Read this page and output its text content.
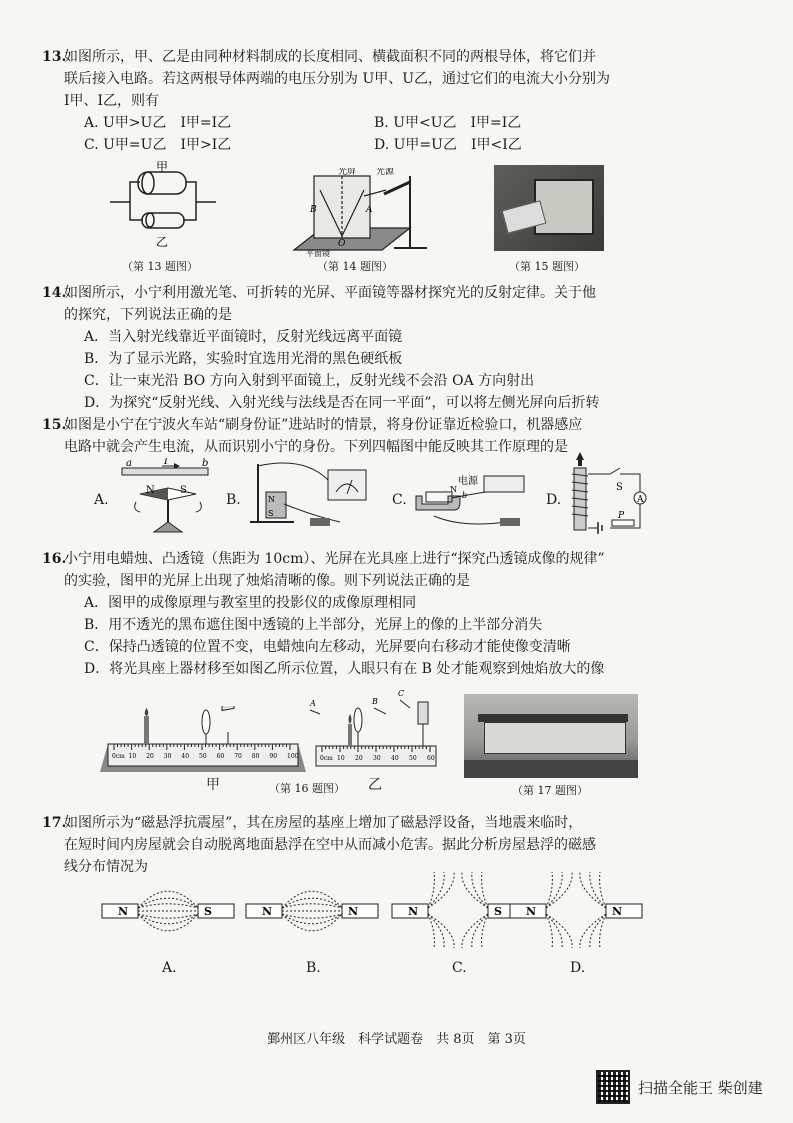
13.

如图所示，甲、乙是由同种材料制成的长度相同、横截面积不同的两根导体，将它们并

联后接入电路。若这两根导体两端的电压分别为 U甲、U乙，通过它们的电流大小分别为

I甲、I乙，则有

A. U甲>U乙　I甲=I乙	B. U甲<U乙　I甲=I乙
C. U甲=U乙　I甲>I乙	D. U甲=U乙　I甲<I乙
甲
乙
（第 13 题图）
光屏 光源
B	A
O
平面镜
（第 14 题图）	（第 15 题图）
14.

如图所示，小宁利用激光笔、可折转的光屏、平面镜等器材探究光的反射定律。关于他

的探究，下列说法正确的是

A．当入射光线靠近平面镜时，反射光线远离平面镜

B．为了显示光路，实验时宜选用光滑的黑色硬纸板

C．让一束光沿 BO 方向入射到平面镜上，反射光线不会沿 OA 方向射出

D．为探究“反射光线、入射光线与法线是否在同一平面”，可以将左侧光屏向后折转

15.

如图是小宁在宁波火车站“刷身份证”进站时的情景，将身份证靠近检验口，机器感应

电路中就会产生电流，从而识别小宁的身份。下列四幅图中能反映其工作原理的是

A.
a	I	b
N	S
B.	N
S
C.
N
b
电源
D.
S
A
P
16.

小宁用电蜡烛、凸透镜（焦距为 10cm）、光屏在光具座上进行“探究凸透镜成像的规律”

的实验，图甲的光屏上出现了烛焰清晰的像。则下列说法正确的是

A．图甲的成像原理与教室里的投影仪的成像原理相同

B．用不透光的黑布遮住图中透镜的上半部分，光屏上的像的上半部分消失

C．保持凸透镜的位置不变，电蜡烛向左移动，光屏要向右移动才能使像变清晰

D．将光具座上器材移至如图乙所示位置，人眼只有在 B 处才能观察到烛焰放大的像

0cm 10 20 30 40 50 60 70 80 90 100
甲
0cm 10 20 30 40 50 60
A	B
C
乙
（第 16 题图）	（第 17 题图）
17.

如图所示为“磁悬浮抗震屋”，其在房屋的基座上增加了磁悬浮设备，当地震来临时，

在短时间内房屋就会自动脱离地面悬浮在空中从而减小危害。据此分析房屋悬浮的磁感

线分布情况为

N	S
A.
N	N
B.
N	S
C.
N	N
D.
鄞州区八年级　科学试题卷　共 8页　第 3页
扫描全能王 柴创建
